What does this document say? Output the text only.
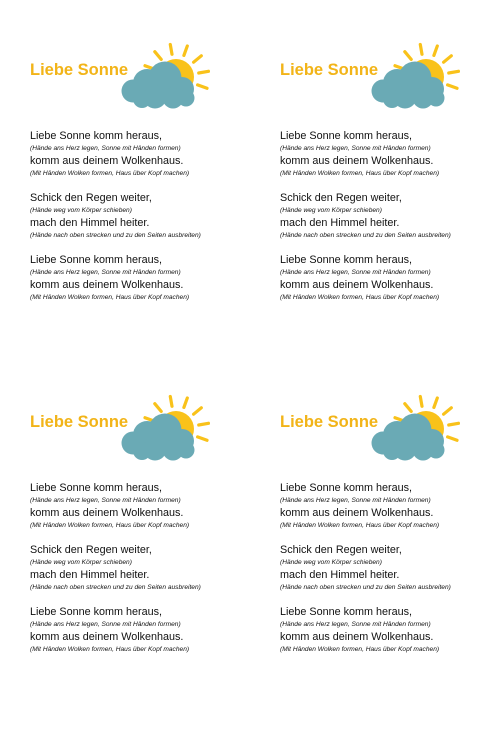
Liebe Sonne
Liebe Sonne komm heraus,
(Hände ans Herz legen, Sonne mit Händen formen)
komm aus deinem Wolkenhaus.
(Mit Händen Wolken formen, Haus über Kopf machen)
Schick den Regen weiter,
(Hände weg vom Körper schieben)
mach den Himmel heiter.
(Hände nach oben strecken und zu den Seiten ausbreiten)
Liebe Sonne komm heraus,
(Hände ans Herz legen, Sonne mit Händen formen)
komm aus deinem Wolkenhaus.
(Mit Händen Wolken formen, Haus über Kopf machen)
Liebe Sonne
Liebe Sonne komm heraus,
(Hände ans Herz legen, Sonne mit Händen formen)
komm aus deinem Wolkenhaus.
(Mit Händen Wolken formen, Haus über Kopf machen)
Schick den Regen weiter,
(Hände weg vom Körper schieben)
mach den Himmel heiter.
(Hände nach oben strecken und zu den Seiten ausbreiten)
Liebe Sonne komm heraus,
(Hände ans Herz legen, Sonne mit Händen formen)
komm aus deinem Wolkenhaus.
(Mit Händen Wolken formen, Haus über Kopf machen)
Liebe Sonne
Liebe Sonne komm heraus,
(Hände ans Herz legen, Sonne mit Händen formen)
komm aus deinem Wolkenhaus.
(Mit Händen Wolken formen, Haus über Kopf machen)
Schick den Regen weiter,
(Hände weg vom Körper schieben)
mach den Himmel heiter.
(Hände nach oben strecken und zu den Seiten ausbreiten)
Liebe Sonne komm heraus,
(Hände ans Herz legen, Sonne mit Händen formen)
komm aus deinem Wolkenhaus.
(Mit Händen Wolken formen, Haus über Kopf machen)
Liebe Sonne
Liebe Sonne komm heraus,
(Hände ans Herz legen, Sonne mit Händen formen)
komm aus deinem Wolkenhaus.
(Mit Händen Wolken formen, Haus über Kopf machen)
Schick den Regen weiter,
(Hände weg vom Körper schieben)
mach den Himmel heiter.
(Hände nach oben strecken und zu den Seiten ausbreiten)
Liebe Sonne komm heraus,
(Hände ans Herz legen, Sonne mit Händen formen)
komm aus deinem Wolkenhaus.
(Mit Händen Wolken formen, Haus über Kopf machen)
